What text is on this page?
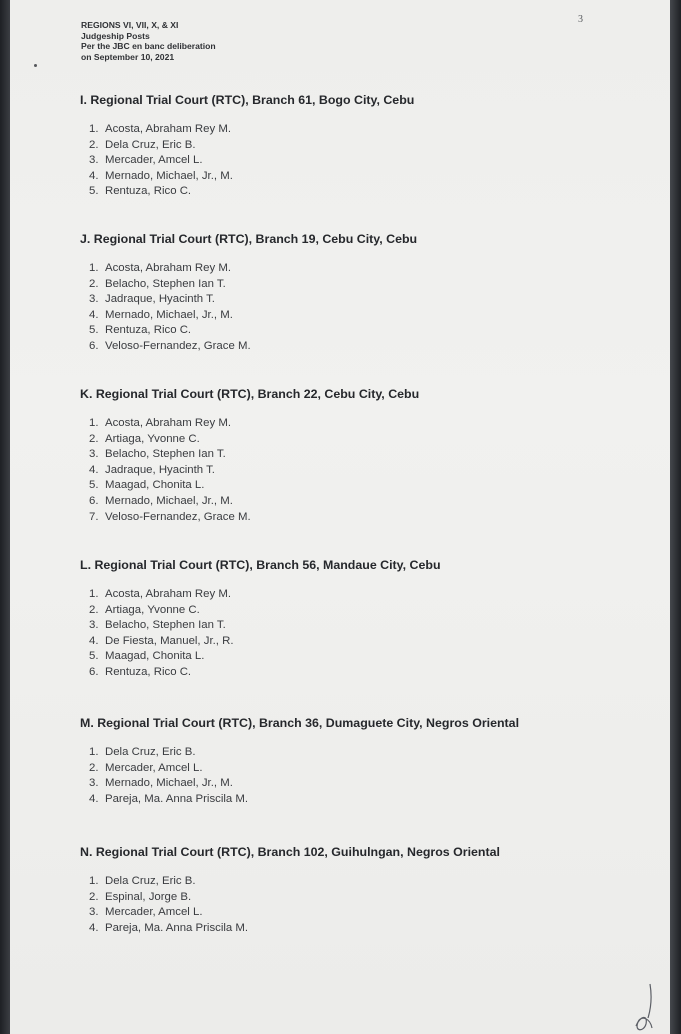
3
REGIONS VI, VII, X, & XI
Judgeship Posts
Per the JBC en banc deliberation
on September 10, 2021
I. Regional Trial Court (RTC), Branch 61, Bogo City, Cebu
1. Acosta, Abraham Rey M.
2. Dela Cruz, Eric B.
3. Mercader, Amcel L.
4. Mernado, Michael, Jr., M.
5. Rentuza, Rico C.
J. Regional Trial Court (RTC), Branch 19, Cebu City, Cebu
1. Acosta, Abraham Rey M.
2. Belacho, Stephen Ian T.
3. Jadraque, Hyacinth T.
4. Mernado, Michael, Jr., M.
5. Rentuza, Rico C.
6. Veloso-Fernandez, Grace M.
K. Regional Trial Court (RTC), Branch 22, Cebu City, Cebu
1. Acosta, Abraham Rey M.
2. Artiaga, Yvonne C.
3. Belacho, Stephen Ian T.
4. Jadraque, Hyacinth T.
5. Maagad, Chonita L.
6. Mernado, Michael, Jr., M.
7. Veloso-Fernandez, Grace M.
L. Regional Trial Court (RTC), Branch 56, Mandaue City, Cebu
1. Acosta, Abraham Rey M.
2. Artiaga, Yvonne C.
3. Belacho, Stephen Ian T.
4. De Fiesta, Manuel, Jr., R.
5. Maagad, Chonita L.
6. Rentuza, Rico C.
M. Regional Trial Court (RTC), Branch 36, Dumaguete City, Negros Oriental
1. Dela Cruz, Eric B.
2. Mercader, Amcel L.
3. Mernado, Michael, Jr., M.
4. Pareja, Ma. Anna Priscila M.
N. Regional Trial Court (RTC), Branch 102, Guihulngan, Negros Oriental
1. Dela Cruz, Eric B.
2. Espinal, Jorge B.
3. Mercader, Amcel L.
4. Pareja, Ma. Anna Priscila M.
